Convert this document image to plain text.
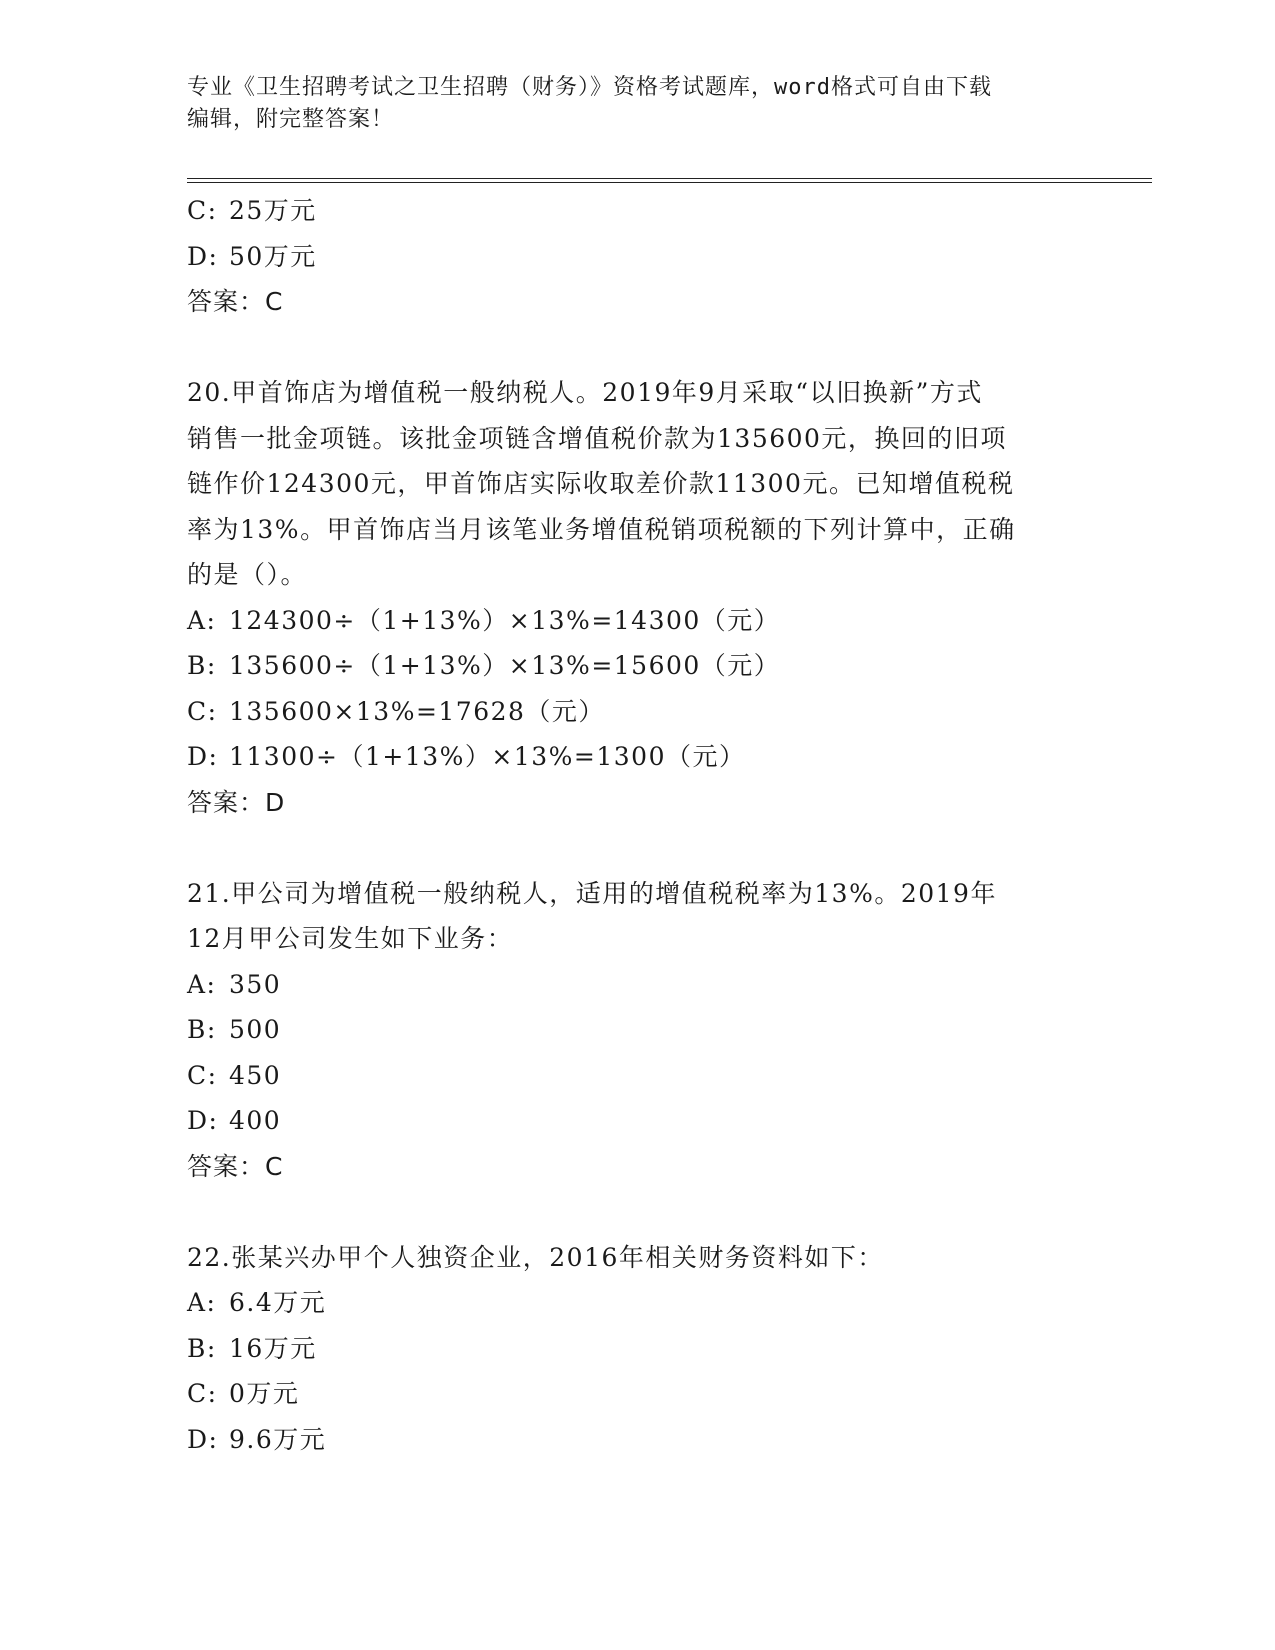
专业《卫生招聘考试之卫生招聘（财务）》资格考试题库，word格式可自由下载
编辑，附完整答案！
C: 25万元
D: 50万元
答案：C
20.甲首饰店为增值税一般纳税人。2019年9月采取“以旧换新”方式
销售一批金项链。该批金项链含增值税价款为135600元，换回的旧项
链作价124300元，甲首饰店实际收取差价款11300元。已知增值税税
率为13%。甲首饰店当月该笔业务增值税销项税额的下列计算中，正确
的是（）。
A: 124300÷（1+13%）×13%=14300（元）
B: 135600÷（1+13%）×13%=15600（元）
C: 135600×13%=17628（元）
D: 11300÷（1+13%）×13%=1300（元）
答案：D
21.甲公司为增值税一般纳税人，适用的增值税税率为13%。2019年
12月甲公司发生如下业务：
A: 350
B: 500
C: 450
D: 400
答案：C
22.张某兴办甲个人独资企业，2016年相关财务资料如下：
A: 6.4万元
B: 16万元
C: 0万元
D: 9.6万元
